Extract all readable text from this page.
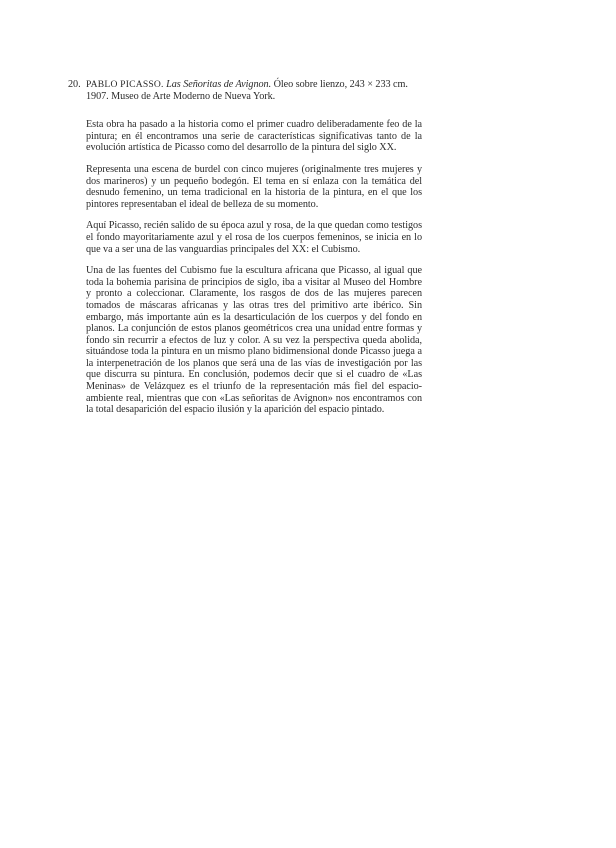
20. PABLO PICASSO. Las Señoritas de Avignon. Óleo sobre lienzo, 243 × 233 cm. 1907. Museo de Arte Moderno de Nueva York.

Esta obra ha pasado a la historia como el primer cuadro deliberadamente feo de la pintura; en él encontramos una serie de características significativas tanto de la evolución artística de Picasso como del desarrollo de la pintura del siglo XX.

Representa una escena de burdel con cinco mujeres (originalmente tres mujeres y dos marineros) y un pequeño bodegón. El tema en sí enlaza con la temática del desnudo femenino, un tema tradicional en la historia de la pintura, en el que los pintores representaban el ideal de belleza de su momento.

Aquí Picasso, recién salido de su época azul y rosa, de la que quedan como testigos el fondo mayoritariamente azul y el rosa de los cuerpos femeninos, se inicia en lo que va a ser una de las vanguardias principales del XX: el Cubismo.

Una de las fuentes del Cubismo fue la escultura africana que Picasso, al igual que toda la bohemia parisina de principios de siglo, iba a visitar al Museo del Hombre y pronto a coleccionar. Claramente, los rasgos de dos de las mujeres parecen tomados de máscaras africanas y las otras tres del primitivo arte ibérico. Sin embargo, más importante aún es la desarticulación de los cuerpos y del fondo en planos. La conjunción de estos planos geométricos crea una unidad entre formas y fondo sin recurrir a efectos de luz y color. A su vez la perspectiva queda abolida, situándose toda la pintura en un mismo plano bidimensional donde Picasso juega a la interpenetración de los planos que será una de las vías de investigación por las que discurra su pintura. En conclusión, podemos decir que si el cuadro de «Las Meninas» de Velázquez es el triunfo de la representación más fiel del espacio-ambiente real, mientras que con «Las señoritas de Avignon» nos encontramos con la total desaparición del espacio ilusión y la aparición del espacio pintado.
